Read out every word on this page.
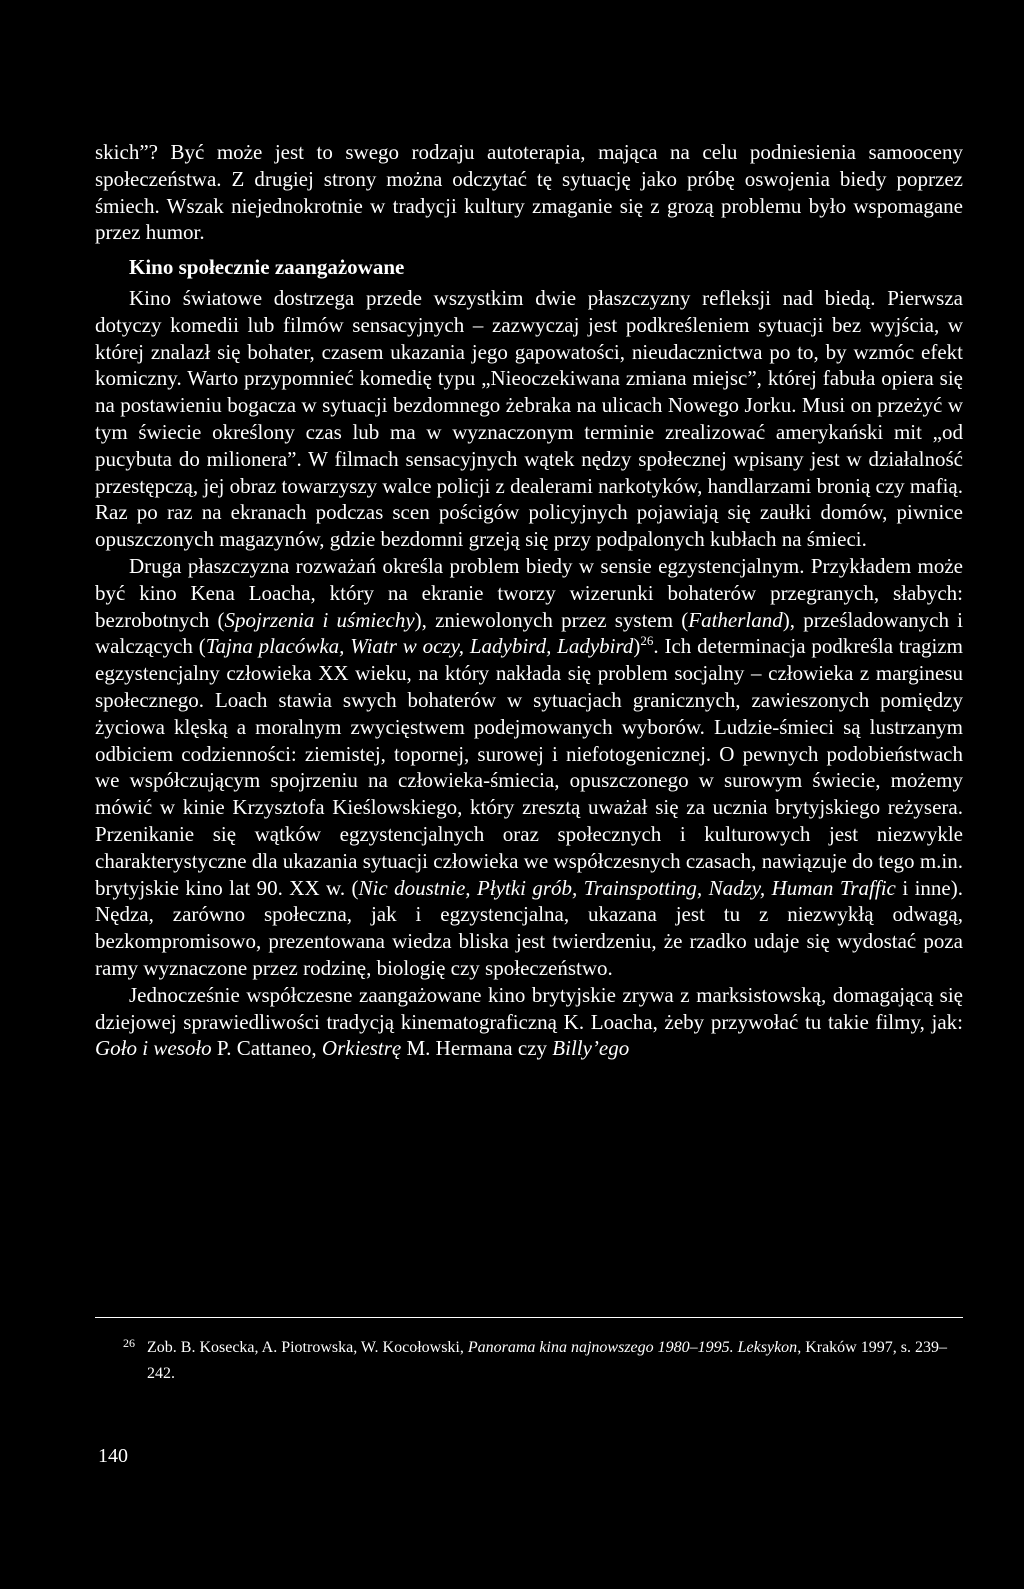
skich”? Być może jest to swego rodzaju autoterapia, mająca na celu podniesienia samooceny społeczeństwa. Z drugiej strony można odczytać tę sytuację jako próbę oswojenia biedy poprzez śmiech. Wszak niejednokrotnie w tradycji kultury zmaganie się z grozą problemu było wspomagane przez humor.

Kino społecznie zaangażowane

Kino światowe dostrzega przede wszystkim dwie płaszczyzny refleksji nad biedą. Pierwsza dotyczy komedii lub filmów sensacyjnych – zazwyczaj jest podkreśleniem sytuacji bez wyjścia, w której znalazł się bohater, czasem ukazania jego gapowatości, nieudacznictwa po to, by wzmóc efekt komiczny. Warto przypomnieć komedię typu „Nieoczekiwana zmiana miejsc”, której fabuła opiera się na postawieniu bogacza w sytuacji bezdomnego żebraka na ulicach Nowego Jorku. Musi on przeżyć w tym świecie określony czas lub ma w wyznaczonym terminie zrealizować amerykański mit „od pucybuta do milionera”. W filmach sensacyjnych wątek nędzy społecznej wpisany jest w działalność przestępczą, jej obraz towarzyszy walce policji z dealerami narkotyków, handlarzami bronią czy mafią. Raz po raz na ekranach podczas scen pościgów policyjnych pojawiają się zaułki domów, piwnice opuszczonych magazynów, gdzie bezdomni grzeją się przy podpalonych kubłach na śmieci.

Druga płaszczyzna rozważań określa problem biedy w sensie egzystencjalnym. Przykładem może być kino Kena Loacha, który na ekranie tworzy wizerunki bohaterów przegranych, słabych: bezrobotnych (Spojrzenia i uśmiechy), zniewolonych przez system (Fatherland), prześladowanych i walczących (Tajna placówka, Wiatr w oczy, Ladybird, Ladybird)$^{26}$. Ich determinacja podkreśla tragizm egzystencjalny człowieka XX wieku, na który nakłada się problem socjalny – człowieka z marginesu społecznego. Loach stawia swych bohaterów w sytuacjach granicznych, zawieszonych pomiędzy życiowa klęską a moralnym zwycięstwem podejmowanych wyborów. Ludzie-śmieci są lustrzanym odbiciem codzienności: ziemistej, topornej, surowej i niefotogenicznej. O pewnych podobieństwach we współczującym spojrzeniu na człowieka-śmiecia, opuszczonego w surowym świecie, możemy mówić w kinie Krzysztofa Kieślowskiego, który zresztą uważał się za ucznia brytyjskiego reżysera. Przenikanie się wątków egzystencjalnych oraz społecznych i kulturowych jest niezwykle charakterystyczne dla ukazania sytuacji człowieka we współczesnych czasach, nawiązuje do tego m.in. brytyjskie kino lat 90. XX w. (Nic doustnie, Płytki grób, Trainspotting, Nadzy, Human Traffic i inne). Nędza, zarówno społeczna, jak i egzystencjalna, ukazana jest tu z niezwykłą odwagą, bezkompromisowo, prezentowana wiedza bliska jest twierdzeniu, że rzadko udaje się wydostać poza ramy wyznaczone przez rodzinę, biologię czy społeczeństwo.

Jednocześnie współczesne zaangażowane kino brytyjskie zrywa z marksistowską, domagającą się dziejowej sprawiedliwości tradycją kinematograficzną K. Loacha, żeby przywołać tu takie filmy, jak: Goło i wesoło P. Cattaneo, Orkiestrę M. Hermana czy Billy’ego

26 Zob. B. Kosecka, A. Piotrowska, W. Kocołowski, Panorama kina najnowszego 1980–1995. Leksykon, Kraków 1997, s. 239–242.
140
